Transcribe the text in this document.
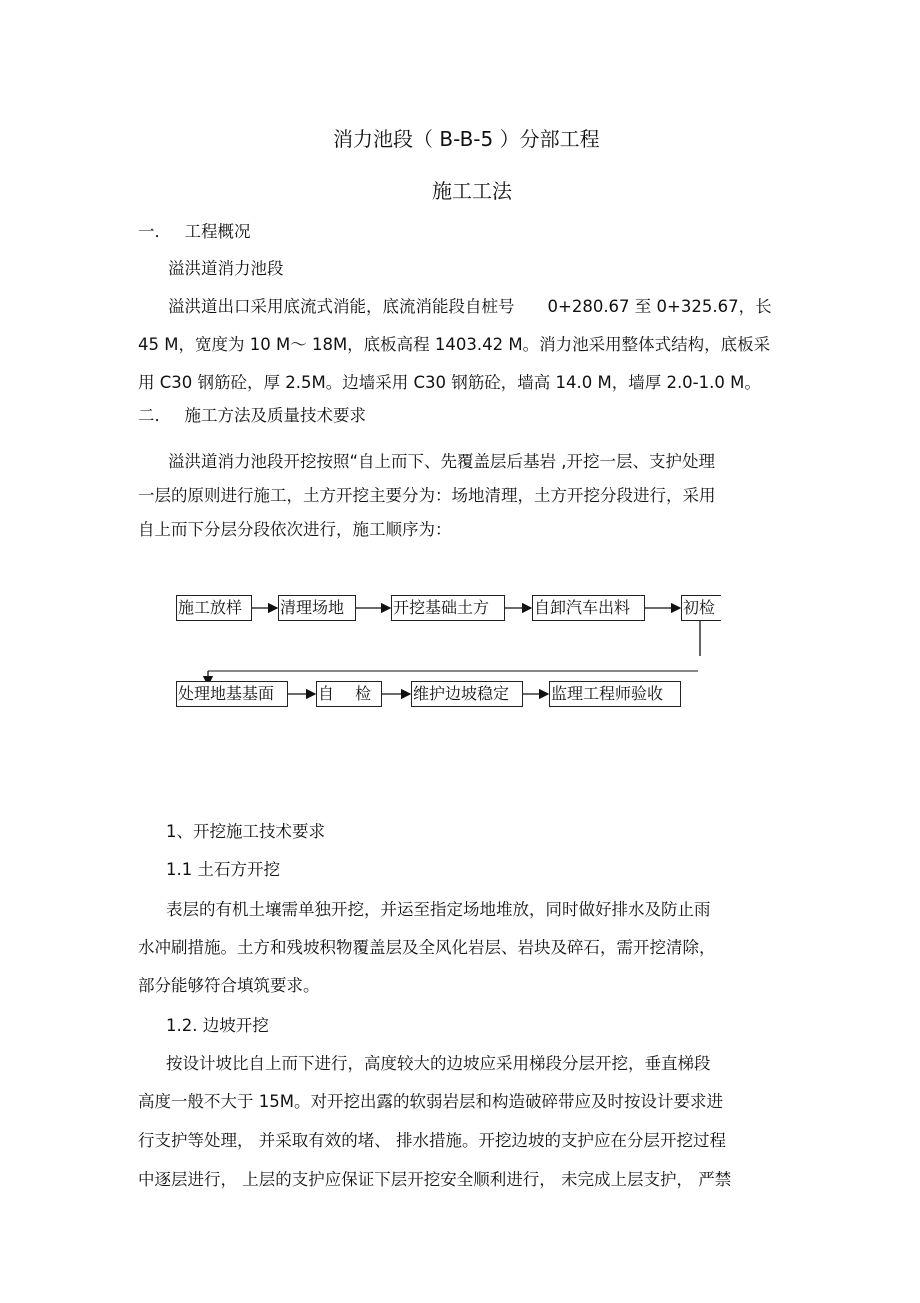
消力池段（ B-B-5 ）分部工程
施工工法
一．　 工程概况
溢洪道消力池段
溢洪道出口采用底流式消能，底流消能段自桩号　　0+280.67 至 0+325.67，长
45 M，宽度为 10 M～ 18M，底板高程 1403.42 M。消力池采用整体式结构，底板采
用 C30 钢筋砼，厚 2.5M。边墙采用 C30 钢筋砼，墙高 14.0 M，墙厚 2.0-1.0 M。
二．　 施工方法及质量技术要求
溢洪道消力池段开挖按照“自上而下、先覆盖层后基岩 ,开挖一层、支护处理
一层的原则进行施工，土方开挖主要分为：场地清理，土方开挖分段进行，采用
自上而下分层分段依次进行，施工顺序为：
施工放样	清理场地	开挖基础土方	自卸汽车出料	初检
处理地基基面	自　 检	维护边坡稳定	监理工程师验收
1、开挖施工技术要求
1.1 土石方开挖
表层的有机土壤需单独开挖，并运至指定场地堆放，同时做好排水及防止雨
水冲刷措施。土方和残坡积物覆盖层及全风化岩层、岩块及碎石，需开挖清除，
部分能够符合填筑要求。
1.2. 边坡开挖
按设计坡比自上而下进行，高度较大的边坡应采用梯段分层开挖，垂直梯段
高度一般不大于 15M。对开挖出露的软弱岩层和构造破碎带应及时按设计要求进
行支护等处理， 并采取有效的堵、 排水措施。开挖边坡的支护应在分层开挖过程
中逐层进行， 上层的支护应保证下层开挖安全顺利进行， 未完成上层支护， 严禁
